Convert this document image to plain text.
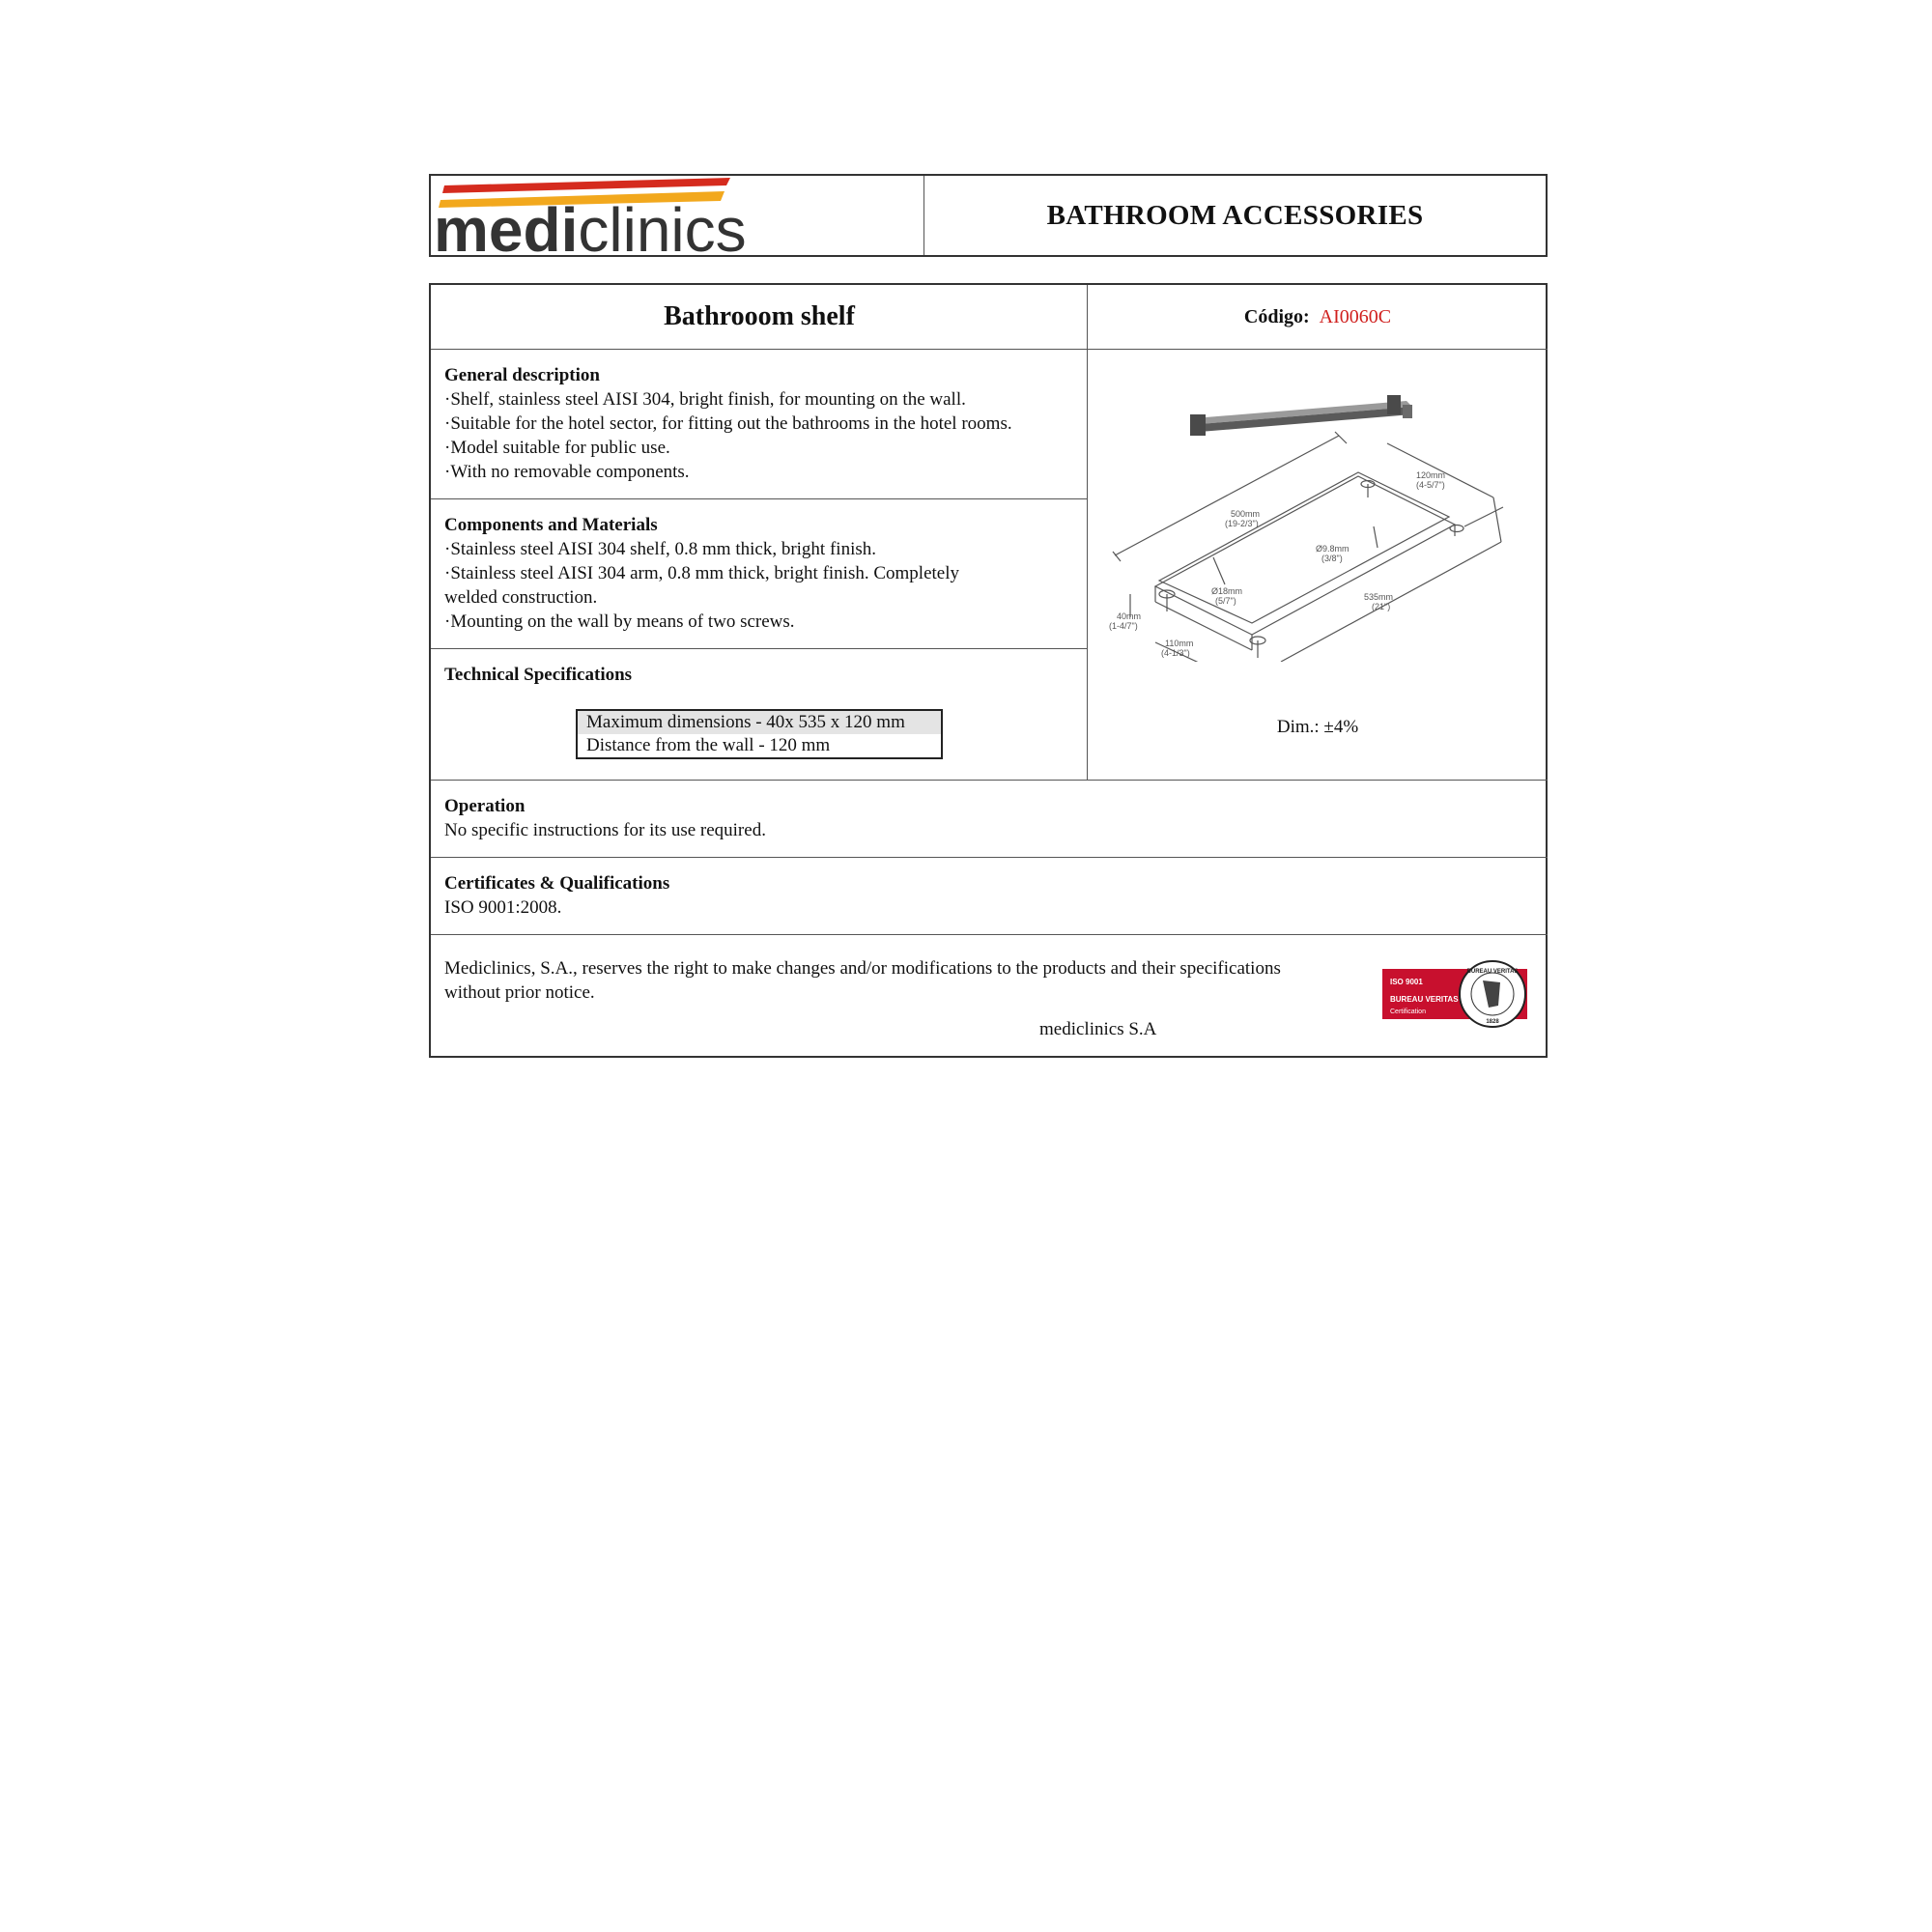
mediclinics	BATHROOM ACCESSORIES
Bathrooom shelf	Código: AI0060C
General description
·Shelf, stainless steel AISI 304, bright finish, for mounting on the wall.
·Suitable for the hotel sector, for fitting out the bathrooms in the hotel rooms.
·Model suitable for public use.
·With no removable components.
Components and Materials
·Stainless steel AISI 304 shelf, 0.8 mm thick, bright finish.
·Stainless steel AISI 304 arm, 0.8 mm thick, bright finish. Completely
welded construction.
·Mounting on the wall by means of two screws.
Technical Specifications
Maximum dimensions - 40x 535 x 120 mm
Distance from the wall - 120 mm
500mm
(19-2/3")
120mm
(4-5/7")
Ø9.8mm
(3/8")
Ø18mm
(5/7")	535mm
(21")
40mm
(1-4/7")
110mm
(4-1/3")
Dim.: ±4%
Operation
No specific instructions for its use required.
Certificates & Qualifications
ISO 9001:2008.
Mediclinics, S.A., reserves the right to make changes and/or modifications to the products and their specifications
without prior notice.
mediclinics S.A
ISO 9001
BUREAU VERITAS
Certification
BUREAU VERITAS
1828
